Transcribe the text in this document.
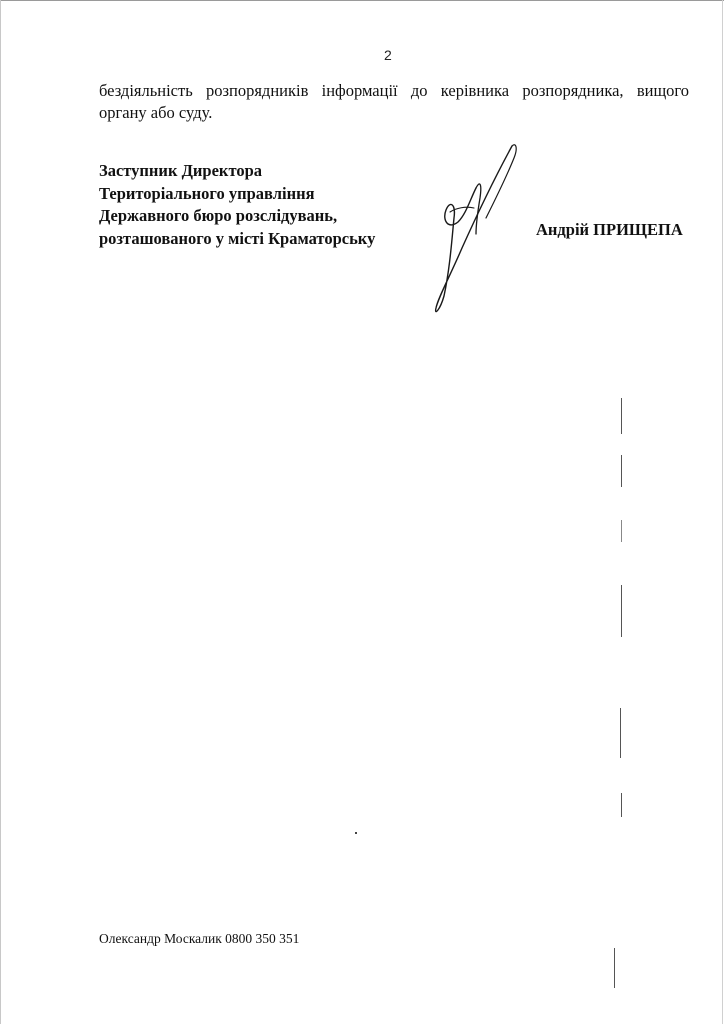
2

бездіяльність розпорядників інформації до керівника розпорядника, вищого
органу або суду.

Заступник Директора
Територіального управління
Державного бюро розслідувань,
розташованого у місті Краматорську	Андрій ПРИЩЕПА
Олександр Москалик 0800 350 351
